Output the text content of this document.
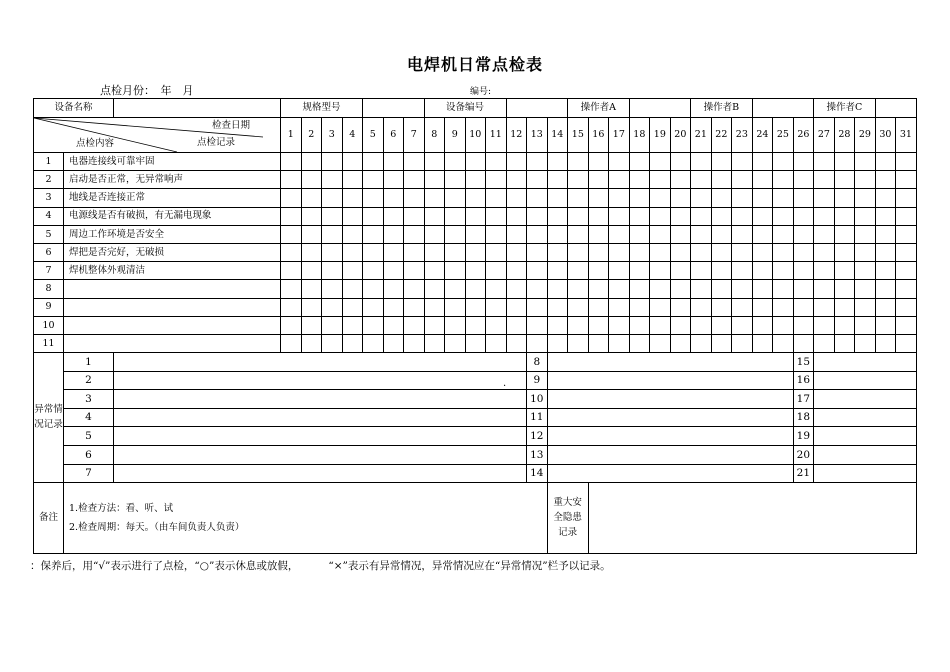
电焊机日常点检表
点检月份：　年　月	编号:
设备名称			规格型号							设备编号							操作者A						操作者B						操作者C			

检查日期
点检记录
点检内容			1	2	3	4	5	6	7	8	9	10	11	12	13	14	15	16	17	18	19	20	21	22	23	24	25	26	27	28	29	30	31	
1	电器连接线可靠牢固																																	
2	启动是否正常，无异常响声																																	
3	地线是否连接正常																																	
4	电源线是否有破损，有无漏电现象																																	
5	周边工作环境是否安全																																	
6	焊把是否完好，无破损																																	
7	焊机整体外观清洁																																	
8																																		
9																																		
10																																		
11																																		
异常情况记录	1														8													15						
	2														9													16						
	3														10													17						
	4														11													18						
	5														12													19						
	6														13													20						
	7														14													21						
备注	1.检查方法：看、听、试
2.检查周期：每天。（由车间负责人负责）															重大安全隐患记录																		
.
：保养后，用“√”表示进行了点检，“○”表示休息或放假，	“×”表示有异常情况，异常情况应在“异常情况”栏予以记录。
